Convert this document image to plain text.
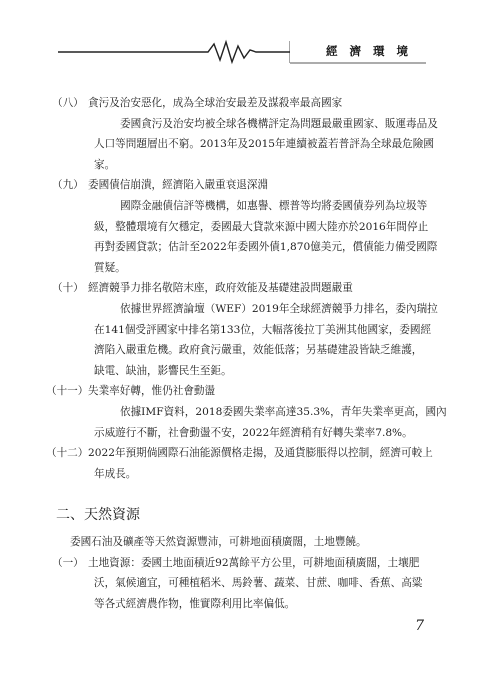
經濟環境
（八） 貪污及治安惡化，成為全球治安最差及謀殺率最高國家
委國貪污及治安均被全球各機構評定為問題最嚴重國家、販運毒品及
人口等問題層出不窮。2013年及2015年連續被蓋若普評為全球最危險國
家。
（九） 委國債信崩潰，經濟陷入嚴重衰退深淵
國際金融債信評等機構，如惠譽、標普等均將委國債券列為垃圾等
級，整體環境有欠穩定，委國最大貸款來源中國大陸亦於2016年間停止
再對委國貸款；估計至2022年委國外債1,870億美元，償債能力備受國際
質疑。
（十） 經濟競爭力排名敬陪末座，政府效能及基礎建設問題嚴重
依據世界經濟論壇（WEF）2019年全球經濟競爭力排名，委內瑞拉
在141個受評國家中排名第133位，大幅落後拉丁美洲其他國家，委國經
濟陷入嚴重危機。政府貪污嚴重，效能低落；另基礎建設皆缺乏維護，
缺電、缺油，影響民生至鉅。
（十一） 失業率好轉，惟仍社會動盪
依據IMF資料，2018委國失業率高達35.3%，青年失業率更高，國內
示威遊行不斷，社會動盪不安，2022年經濟稍有好轉失業率7.8%。
（十二） 2022年預期倘國際石油能源價格走揚，及通貨膨脹得以控制，經濟可較上
年成長。
二、天然資源
委國石油及礦產等天然資源豐沛，可耕地面積廣闊，土地豐饒。
（一） 土地資源：委國土地面積近92萬餘平方公里，可耕地面積廣闊，土壤肥
沃，氣候適宜，可種植稻米、馬鈴薯、蔬菜、甘蔗、咖啡、香蕉、高粱
等各式經濟農作物，惟實際利用比率偏低。
7
